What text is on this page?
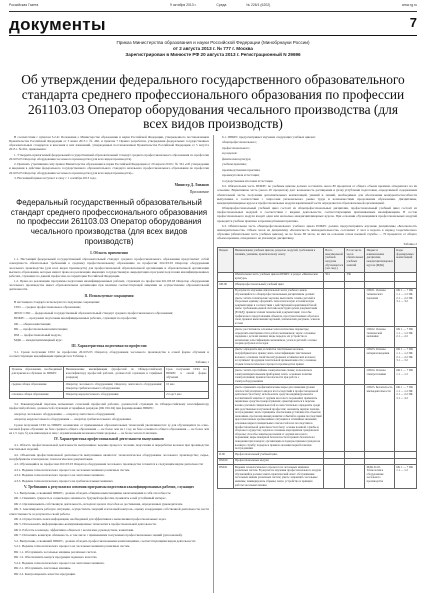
Российская Газета	9 октября 2013 г.	Среда	№ 226/1 (6202)	www.rg.ru
документы	7
Приказ Министерства образования и науки Российской Федерации (Минобрнауки России)
от 2 августа 2013 г. № 777 г. Москва
Зарегистрирован в Минюсте РФ 20 августа 2013 г. Регистрационный N 29696
Об утверждении федерального государственного образовательного стандарта среднего профессионального образования по профессии 261103.03 Оператор оборудования чесального производства (для всех видов производств)

В соответствии с пунктом 5.2.41 Положения о Министерстве образования и науки Российской Федерации, утвержденного постановлением Правительства Российской Федерации от 3 июня 2013 г. № 466, и пунктом 7 Правил разработки, утверждения федеральных государственных образовательных стандартов и внесения в них изменений, утвержденных постановлением Правительства Российской Федерации от 5 августа 2013 г. № 661, приказываю:

1. Утвердить прилагаемый федеральный государственный образовательный стандарт среднего профессионального образования по профессии 261103.03 Оператор оборудования чесального производства (для всех видов производств).

2. Признать утратившим силу приказ Министерства образования и науки Российской Федерации от 20 апреля 2010 г. № 361 «Об утверждении и введении в действие федерального государственного образовательного стандарта начального профессионального образования по профессии 261103.03 Оператор оборудования чесального производства (для всех видов производств)».

3. Настоящий приказ вступает в силу с 1 сентября 2013 года.

Министр Д. Ливанов
Приложение
Федеральный государственный образовательный стандарт среднего профессионального образования по профессии 261103.03 Оператор оборудования чесального производства (для всех видов производств)
I. Область применения

1.1. Настоящий федеральный государственный образовательный стандарт среднего профессионального образования представляет собой совокупность обязательных требований к среднему профессиональному образованию по профессии 261103.03 Оператор оборудования чесального производства (для всех видов производств) для профессиональной образовательной организации и образовательной организации высшего образования, которые имеют право на реализацию имеющих государственную аккредитацию программ подготовки квалифицированных рабочих, служащих по данной профессии, на территории Российской Федерации.

1.2. Право на реализацию программы подготовки квалифицированных рабочих, служащих по профессии 261103.03 Оператор оборудования чесального производства имеет образовательная организация при наличии соответствующей лицензии на осуществление образовательной деятельности.

II. Используемые сокращения

В настоящем стандарте используются следующие сокращения:

СПО — среднее профессиональное образование;

ФГОС СПО — федеральный государственный образовательный стандарт среднего профессионального образования;

ППКРС — программа подготовки квалифицированных рабочих, служащих по профессии;

ОК — общая компетенция;

ПК — профессиональная компетенция;

ПМ — профессиональный модуль;

МДК — междисциплинарный курс.

III. Характеристика подготовки по профессии

3.1. Сроки получения СПО по профессии 261103.03 Оператор оборудования чесального производства в очной форме обучения и соответствующие квалификации приводятся в Таблице 1.

Таблица 1
Уровень образования, необходимый для приема на обучение по ППКРС	Наименование квалификации (профессий по Общероссийскому классификатору профессий рабочих, должностей служащих и тарифных разрядов)	Срок получения СПО по ППКРС в очной форме обучения
среднее общее образование	Оператор чесального оборудования; Оператор ленточного оборудования; Оператор гребнечесального оборудования	10 мес.
основное общее образование	Оператор кардочесального оборудования	2 года 5 мес.

3.2. Рекомендуемый перечень возможных сочетаний профессий рабочих, должностей служащих по Общероссийскому классификатору профессий рабочих, должностей служащих и тарифных разрядов (ОК 016-94) при формировании ППКРС:

оператор чесального оборудования — оператор ленточного оборудования;

оператор кардочесального оборудования — оператор гребнечесального оборудования.

Сроки получения СПО по ППКРС независимо от применяемых образовательных технологий увеличиваются: а) для обучающихся по очно-заочной форме обучения: на базе среднего общего образования — не более чем на 1 год; на базе основного общего образования — не более чем на 1,5 года; б) для инвалидов и лиц с ограниченными возможностями здоровья — не более чем на 6 месяцев.

IV. Характеристика профессиональной деятельности выпускников

4.1. Область профессиональной деятельности выпускников: ведение процесса чесания, подготовки и переработки волокон при производстве текстильных изделий.

4.2. Объектами профессиональной деятельности выпускников являются: технологическое оборудование чесального производства; сырье, полуфабрикаты и материалы; технологическая документация.

4.3. Обучающийся по профессии 261103.03 Оператор оборудования чесального производства готовится к следующим видам деятельности:

4.3.1. Ведение технологического процесса на чесальных машинах различных систем.

4.3.2. Ведение технологического процесса на ленточных машинах.

4.3.3. Ведение технологического процесса на гребнечесальных машинах.

V. Требования к результатам освоения программы подготовки квалифицированных рабочих, служащих

5.1. Выпускник, освоивший ППКРС, должен обладать общими компетенциями, включающими в себя способность:

ОК 1. Понимать сущность и социальную значимость будущей профессии, проявлять к ней устойчивый интерес.

ОК 2. Организовывать собственную деятельность, исходя из цели и способов ее достижения, определенных руководителем.

ОК 3. Анализировать рабочую ситуацию, осуществлять текущий и итоговый контроль, оценку и коррекцию собственной деятельности, нести ответственность за результаты своей работы.

ОК 4. Осуществлять поиск информации, необходимой для эффективного выполнения профессиональных задач.

ОК 5. Использовать информационно-коммуникационные технологии в профессиональной деятельности.

ОК 6. Работать в команде, эффективно общаться с коллегами, руководством, клиентами.

ОК 7. Исполнять воинскую обязанность, в том числе с применением полученных профессиональных знаний (для юношей).

5.2. Выпускник, освоивший ППКРС, должен обладать профессиональными компетенциями, соответствующими видам деятельности:

5.2.1. Ведение технологического процесса на чесальных машинах различных систем.

ПК 1.1. Обслуживать чесальные машины различных систем.

ПК 1.2. Обеспечивать выпуск продукции заданного качества.

5.2.2. Ведение технологического процесса на ленточных машинах.

ПК 2.1. Обслуживать ленточные машины.

ПК 2.2. Контролировать качество продукции.

6.1. ППКРС предусматривает изучение следующих учебных циклов:

общепрофессионального;

профессионального;

и разделов:

физическая культура;

учебная практика;

производственная практика;

промежуточная аттестация;

государственная итоговая аттестация.

6.2. Обязательная часть ППКРС по учебным циклам должна составлять около 80 процентов от общего объема времени, отведенного на их освоение. Вариативная часть (около 20 процентов) дает возможность расширения и (или) углубления подготовки, определяемой содержанием обязательной части, получения дополнительных компетенций, умений и знаний, необходимых для обеспечения конкурентоспособности выпускника в соответствии с запросами регионального рынка труда и возможностями продолжения образования. Дисциплины, междисциплинарные курсы и профессиональные модули вариативной части определяются образовательной организацией.

Общепрофессиональный учебный цикл состоит из общепрофессиональных дисциплин, профессиональный учебный цикл состоит из профессиональных модулей в соответствии с видами деятельности, соответствующими присваиваемым квалификациям. В состав профессионального модуля входит один или несколько междисциплинарных курсов. При освоении обучающимися профессиональных модулей проводятся учебная практика и производственная практика.

6.3. Обязательная часть общепрофессионального учебного цикла ППКРС должна предусматривать изучение дисциплины «Безопасность жизнедеятельности». Объем часов на дисциплину «Безопасность жизнедеятельности» составляет 2 часа в неделю в период теоретического обучения (обязательная часть учебных циклов), но не более 68 часов, из них на освоение основ военной службы — 70 процентов от общего объема времени, отведенного на указанную дисциплину.

Таблица 2
Индекс	Наименование учебных циклов, разделов, модулей, требования к знаниям, умениям, практическому опыту	Всего максимальной учебной нагрузки обучающегося (час./нед.)	В том числе часов обязательных учебных занятий	Индекс и наименование дисциплин, междисциплинарных курсов (МДК)	Коды формируемых компетенций
	Обязательная часть учебных циклов ППКРС и раздел «Физическая культура»	504	336		
ОП.00	Общепрофессиональный учебный цикл				
	В результате изучения обязательной части учебного цикла обучающийся по общепрофессиональным дисциплинам должен: уметь: читать технические чертежи, выполнять эскизы деталей и сборочных единиц; оформлять технологическую и техническую документацию в соответствии с действующей нормативной базой; знать: требования единой системы конструкторской документации (ЕСКД); правила чтения технической документации; способы графического представления объектов, пространственных образов и схем; правила выполнения чертежей, технических рисунков, эскизов и схем			ОП.01. Основы технического черчения	ОК 1 — 7 ПК 1.1 — 1.2 ПК 2.1 — 2.2 ПК 3.1 — 3.2
	уметь: рассчитывать основные технологические параметры; определять неисправности в работе механизмов; знать: основные сведения о деталях машин; виды передач, их устройство и назначение; классификацию механизмов, узлов и деталей; основы теории допусков и посадок			ОП.02. Основы технической механики	ОК 1 — 7 ПК 1.1 — 1.2 ПК 2.1 — 2.2
	уметь: определять вид и свойства текстильных волокон, полуфабрикатов и пряжи; знать: классификацию текстильных волокон; основные свойства натуральных и химических волокон; ассортимент продукции текстильной промышленности; основные стадии технологического процесса производства пряжи			ОП.03. Основы материаловедения	ОК 1 — 7 ПК 1.1 — 1.2 ПК 2.1 — 2.2 ПК 3.1 — 3.2
	уметь: читать простейшие электрические схемы; пользоваться электроизмерительными приборами; знать: основные понятия электротехники; правила безопасности при работе с электрооборудованием			ОП.04. Основы электротехники	ОК 1 — 7 ПК 1.1 — 1.2
	уметь: применять профилактические меры для снижения уровня опасностей различного вида и их последствий в профессиональной деятельности и быту; использовать средства индивидуальной и коллективной защиты от оружия массового поражения; применять первичные средства пожаротушения; ориентироваться в перечне военно-учетных специальностей и самостоятельно определять среди них родственные полученной профессии; оказывать первую помощь пострадавшим; знать: принципы обеспечения устойчивости объектов экономики, прогнозирования развития событий и оценки последствий при техногенных чрезвычайных ситуациях и стихийных явлениях; основные виды потенциальных опасностей и их последствия в профессиональной деятельности и быту; основы военной службы и обороны государства; задачи и основные мероприятия гражданской обороны; способы защиты населения от оружия массового поражения; меры пожарной безопасности и правила безопасного поведения при пожарах; организацию и порядок призыва граждан на военную службу; порядок и правила оказания первой помощи пострадавшим			ОП.05. Безопасность жизнедеятельности	ОК 1 — 7 ПК 1.1 — 1.2 ПК 2.1 — 2.2 ПК 3.1 — 3.2
П.00	Профессиональный учебный цикл				
ПМ.00	Профессиональные модули				
ПМ.01	Ведение технологического процесса на чесальных машинах различных систем. В результате изучения профессионального модуля обучающийся должен: иметь практический опыт: обслуживания чесальных машин различных систем; уметь: заправлять чесальные машины; ликвидировать обрывы; знать: устройство и принцип работы чесальных машин			МДК.01.01. Технология и оборудование чесального производства	ОК 1 — 7 ПК 1.1 — 1.2
